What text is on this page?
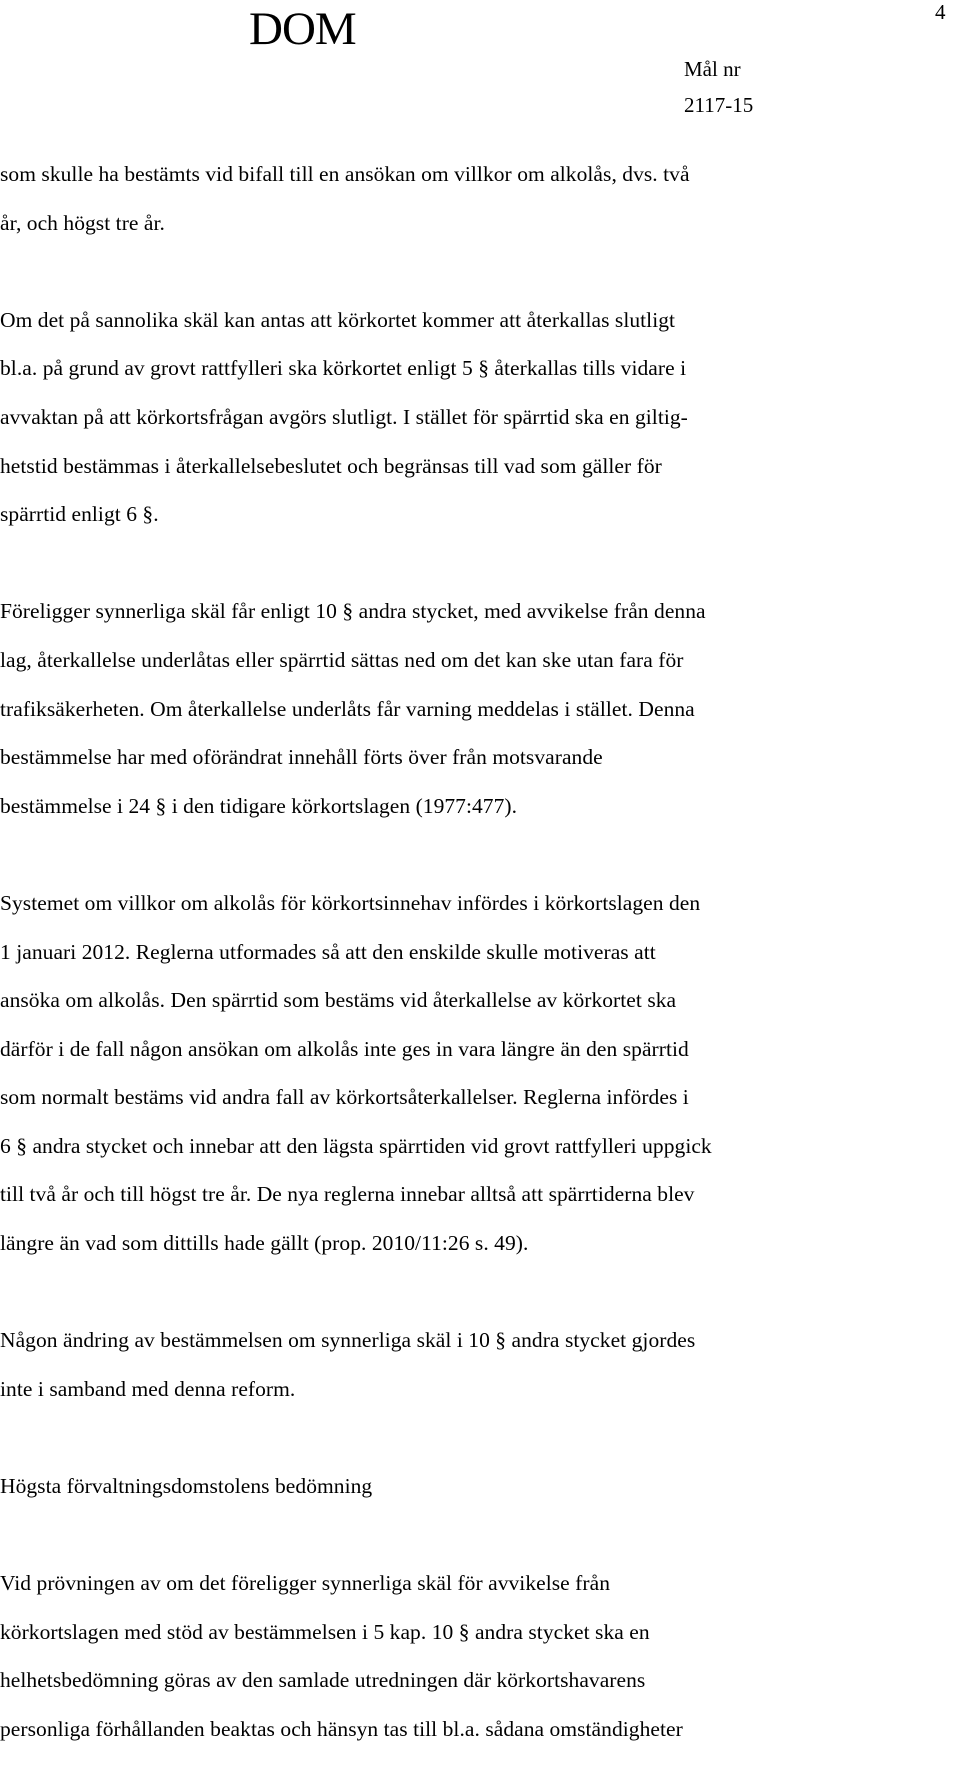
DOM	4
Mål nr
2117-15
som skulle ha bestämts vid bifall till en ansökan om villkor om alkolås, dvs. två
år, och högst tre år.
Om det på sannolika skäl kan antas att körkortet kommer att återkallas slutligt
bl.a. på grund av grovt rattfylleri ska körkortet enligt 5 § återkallas tills vidare i
avvaktan på att körkortsfrågan avgörs slutligt. I stället för spärrtid ska en giltig-
hetstid bestämmas i återkallelsebeslutet och begränsas till vad som gäller för
spärrtid enligt 6 §.
Föreligger synnerliga skäl får enligt 10 § andra stycket, med avvikelse från denna
lag, återkallelse underlåtas eller spärrtid sättas ned om det kan ske utan fara för
trafiksäkerheten. Om återkallelse underlåts får varning meddelas i stället. Denna
bestämmelse har med oförändrat innehåll förts över från motsvarande
bestämmelse i 24 § i den tidigare körkortslagen (1977:477).
Systemet om villkor om alkolås för körkortsinnehav infördes i körkortslagen den
1 januari 2012. Reglerna utformades så att den enskilde skulle motiveras att
ansöka om alkolås. Den spärrtid som bestäms vid återkallelse av körkortet ska
därför i de fall någon ansökan om alkolås inte ges in vara längre än den spärrtid
som normalt bestäms vid andra fall av körkortsåterkallelser. Reglerna infördes i
6 § andra stycket och innebar att den lägsta spärrtiden vid grovt rattfylleri uppgick
till två år och till högst tre år. De nya reglerna innebar alltså att spärrtiderna blev
längre än vad som dittills hade gällt (prop. 2010/11:26 s. 49).
Någon ändring av bestämmelsen om synnerliga skäl i 10 § andra stycket gjordes
inte i samband med denna reform.
Högsta förvaltningsdomstolens bedömning
Vid prövningen av om det föreligger synnerliga skäl för avvikelse från
körkortslagen med stöd av bestämmelsen i 5 kap. 10 § andra stycket ska en
helhetsbedömning göras av den samlade utredningen där körkortshavarens
personliga förhållanden beaktas och hänsyn tas till bl.a. sådana omständigheter
